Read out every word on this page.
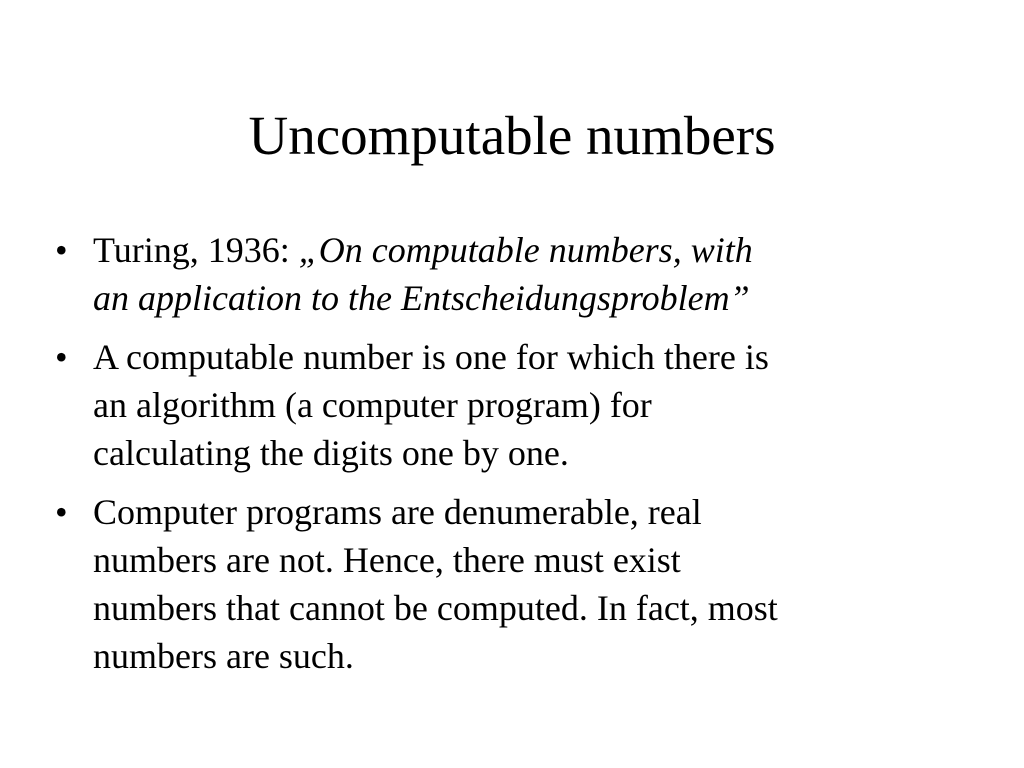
Uncomputable numbers
• Turing, 1936: „On computable numbers, with
an application to the Entscheidungsproblem”
• A computable number is one for which there is
an algorithm (a computer program) for
calculating the digits one by one.
• Computer programs are denumerable, real
numbers are not. Hence, there must exist
numbers that cannot be computed. In fact, most
numbers are such.
